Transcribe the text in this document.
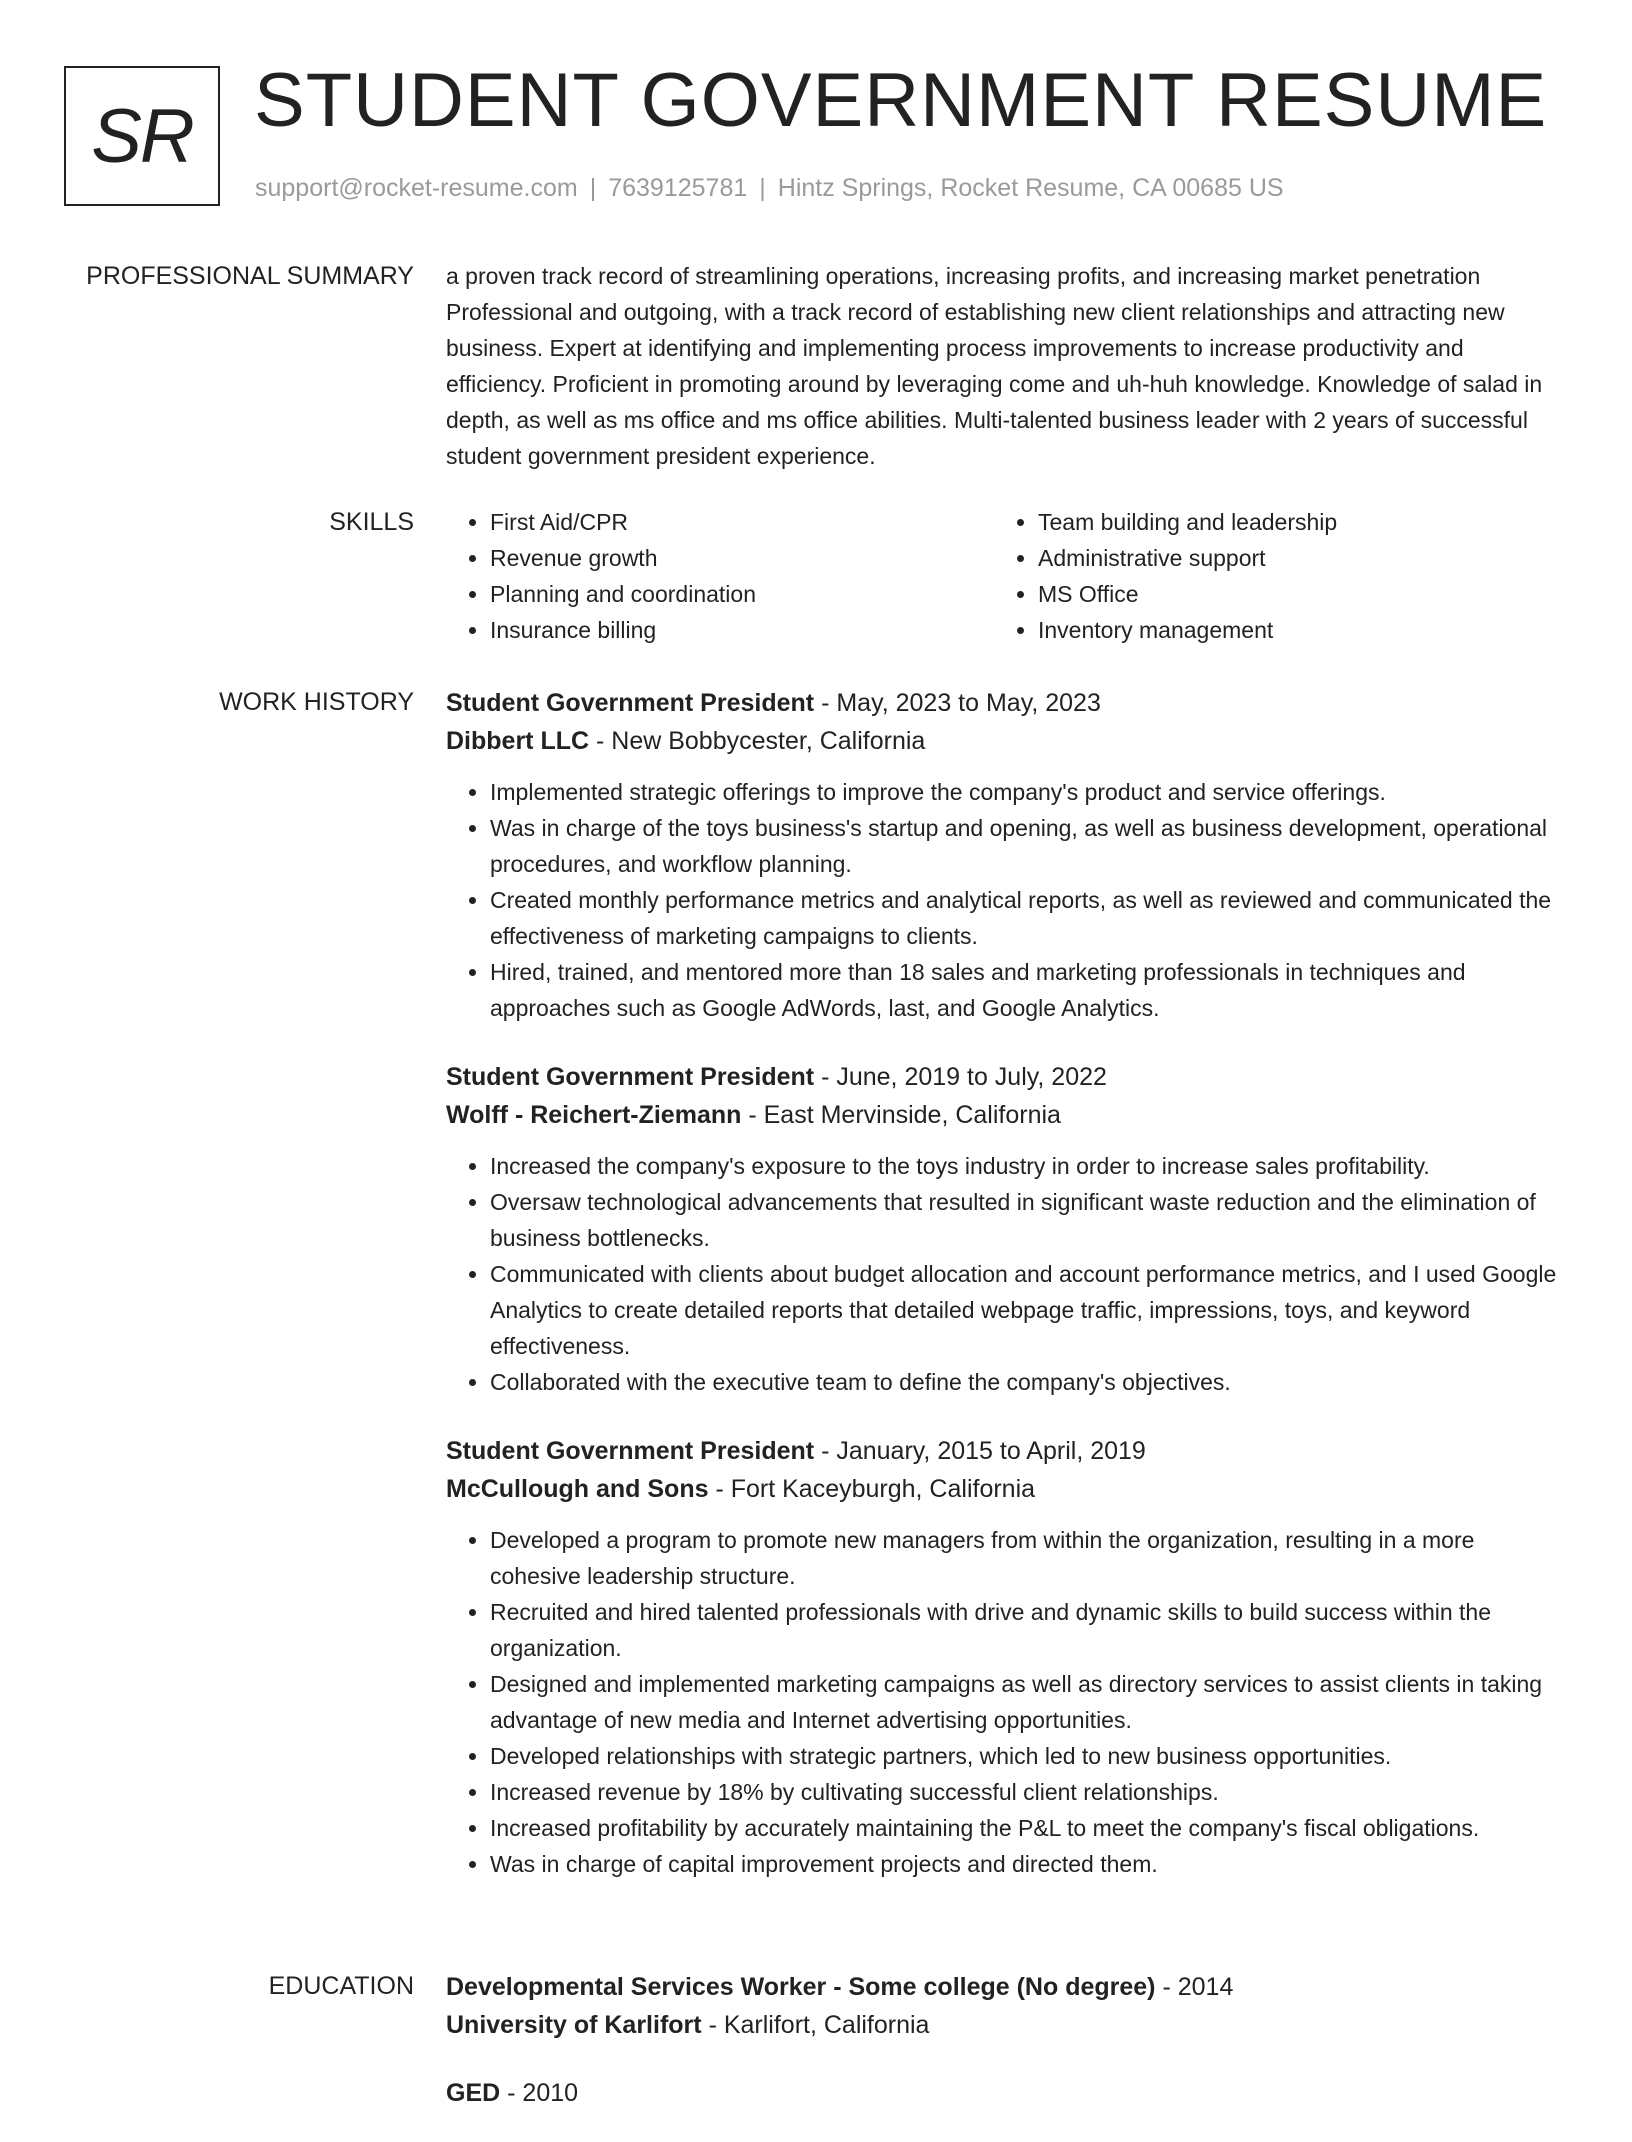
SR STUDENT GOVERNMENT RESUME
support@rocket-resume.com | 7639125781 | Hintz Springs, Rocket Resume, CA 00685 US
PROFESSIONAL SUMMARY a proven track record of streamlining operations, increasing profits, and increasing market penetration Professional and outgoing, with a track record of establishing new client relationships and attracting new business. Expert at identifying and implementing process improvements to increase productivity and efficiency. Proficient in promoting around by leveraging come and uh-huh knowledge. Knowledge of salad in depth, as well as ms office and ms office abilities. Multi-talented business leader with 2 years of successful student government president experience.

SKILLS
•	First Aid/CPR
• Revenue growth
• Planning and coordination
• Insurance billing
• Team building and leadership
• Administrative support
• MS Office
• Inventory management
WORK HISTORY Student Government President - May, 2023 to May, 2023
Dibbert LLC - New Bobbycester, California
• Implemented strategic offerings to improve the company's product and service offerings.
• Was in charge of the toys business's startup and opening, as well as business development, operational procedures, and workflow planning.
• Created monthly performance metrics and analytical reports, as well as reviewed and communicated the effectiveness of marketing campaigns to clients.
• Hired, trained, and mentored more than 18 sales and marketing professionals in techniques and approaches such as Google AdWords, last, and Google Analytics.
Student Government President - June, 2019 to July, 2022
Wolff - Reichert-Ziemann - East Mervinside, California
• Increased the company's exposure to the toys industry in order to increase sales profitability.
• Oversaw technological advancements that resulted in significant waste reduction and the elimination of business bottlenecks.
• Communicated with clients about budget allocation and account performance metrics, and I used Google Analytics to create detailed reports that detailed webpage traffic, impressions, toys, and keyword effectiveness.
• Collaborated with the executive team to define the company's objectives.
Student Government President - January, 2015 to April, 2019
McCullough and Sons - Fort Kaceyburgh, California
• Developed a program to promote new managers from within the organization, resulting in a more cohesive leadership structure.
• Recruited and hired talented professionals with drive and dynamic skills to build success within the organization.
• Designed and implemented marketing campaigns as well as directory services to assist clients in taking advantage of new media and Internet advertising opportunities.
• Developed relationships with strategic partners, which led to new business opportunities.
• Increased revenue by 18% by cultivating successful client relationships.
• Increased profitability by accurately maintaining the P&L to meet the company's fiscal obligations.
• Was in charge of capital improvement projects and directed them.
EDUCATION Developmental Services Worker - Some college (No degree) - 2014
University of Karlifort - Karlifort, California
GED - 2010
